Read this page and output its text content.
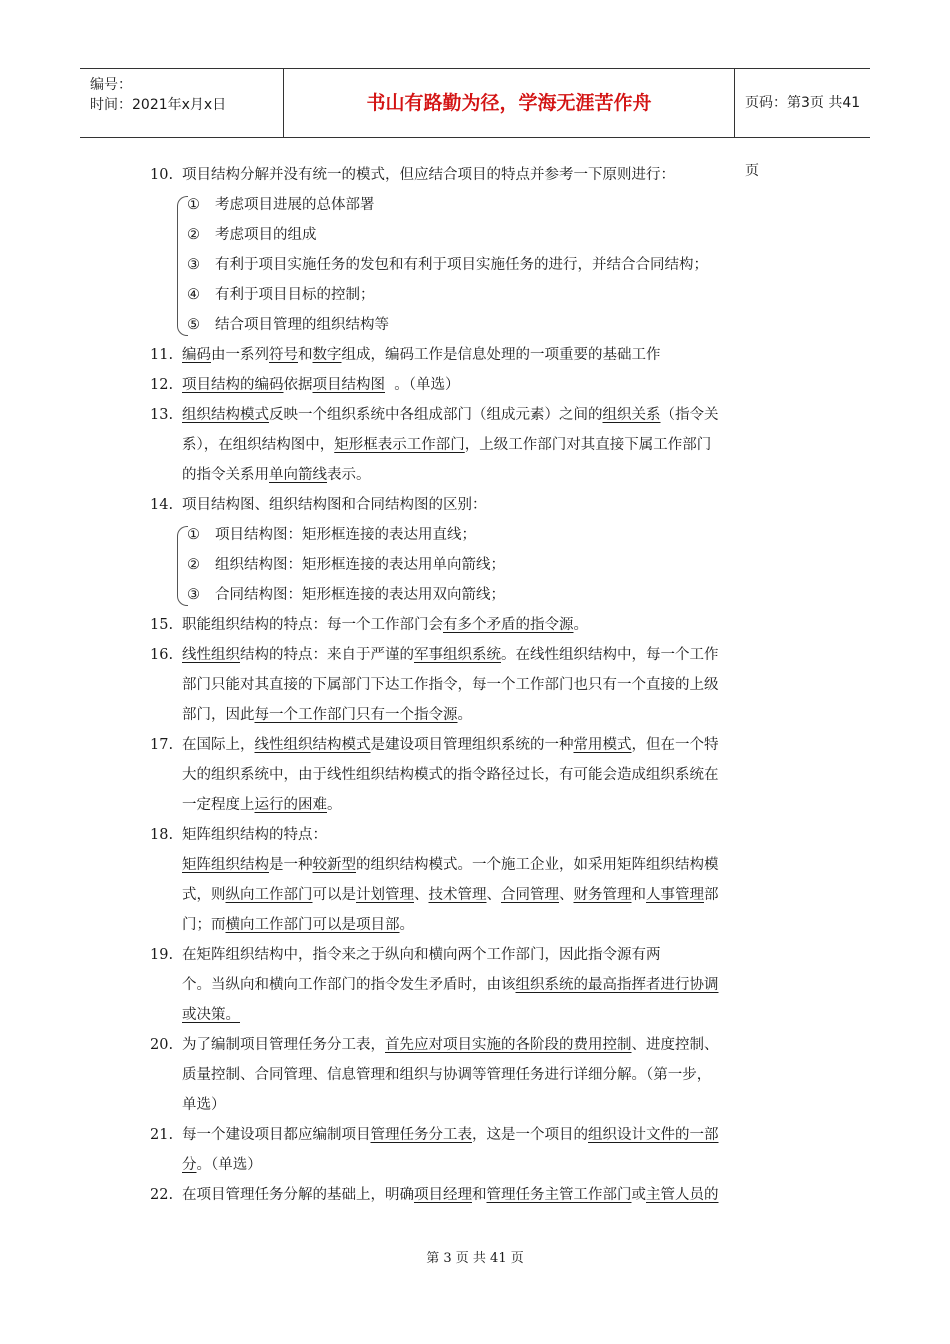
编号：
时间：2021年x月x日	书山有路勤为径，学海无涯苦作舟	页码：第3页 共41页
10. 项目结构分解并没有统一的模式，但应结合项目的特点并参考一下原则进行：
① 考虑项目进展的总体部署
② 考虑项目的组成
③ 有利于项目实施任务的发包和有利于项目实施任务的进行，并结合合同结构；
④ 有利于项目目标的控制；
⑤ 结合项目管理的组织结构等
11. 编码由一系列符号和数字组成，编码工作是信息处理的一项重要的基础工作
12. 项目结构的编码依据项目结构图  。（单选）
13. 组织结构模式反映一个组织系统中各组成部门（组成元素）之间的组织关系（指令关
系），在组织结构图中，矩形框表示工作部门，上级工作部门对其直接下属工作部门
的指令关系用单向箭线表示。
14. 项目结构图、组织结构图和合同结构图的区别：
① 项目结构图：矩形框连接的表达用直线；
② 组织结构图：矩形框连接的表达用单向箭线；
③ 合同结构图：矩形框连接的表达用双向箭线；
15. 职能组织结构的特点：每一个工作部门会有多个矛盾的指令源。
16. 线性组织结构的特点：来自于严谨的军事组织系统。在线性组织结构中，每一个工作
部门只能对其直接的下属部门下达工作指令，每一个工作部门也只有一个直接的上级
部门，因此每一个工作部门只有一个指令源。
17. 在国际上，线性组织结构模式是建设项目管理组织系统的一种常用模式，但在一个特
大的组织系统中，由于线性组织结构模式的指令路径过长，有可能会造成组织系统在
一定程度上运行的困难。
18. 矩阵组织结构的特点：
矩阵组织结构是一种较新型的组织结构模式。一个施工企业，如采用矩阵组织结构模
式，则纵向工作部门可以是计划管理、技术管理、合同管理、财务管理和人事管理部
门；而横向工作部门可以是项目部。
19. 在矩阵组织结构中，指令来之于纵向和横向两个工作部门，因此指令源有两
个。当纵向和横向工作部门的指令发生矛盾时，由该组织系统的最高指挥者进行协调
或决策。
20. 为了编制项目管理任务分工表，首先应对项目实施的各阶段的费用控制、进度控制、
质量控制、合同管理、信息管理和组织与协调等管理任务进行详细分解。（第一步，
单选）
21. 每一个建设项目都应编制项目管理任务分工表，这是一个项目的组织设计文件的一部
分。（单选）
22. 在项目管理任务分解的基础上，明确项目经理和管理任务主管工作部门或主管人员的
第 3 页 共 41 页
